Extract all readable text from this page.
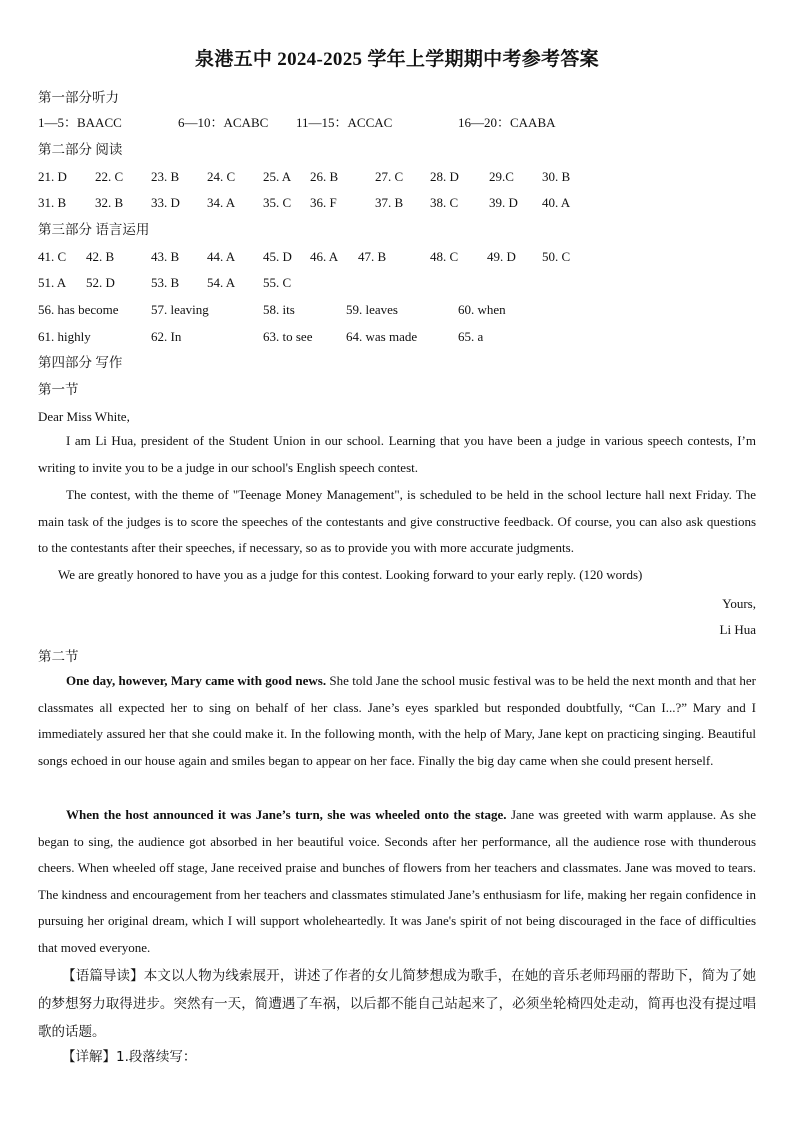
泉港五中 2024-2025 学年上学期期中考参考答案
第一部分听力
1—5：BAACC	6—10：ACABC 11—15：ACCAC	16—20：CAABA
第二部分 阅读
21. D 22. C 23. B 24. C 25. A 26. B	27. C 28. D 29.C 30. B
31. B 32. B 33. D 34. A 35. C 36. F	37. B 38. C 39. D 40. A
第三部分 语言运用
41. C 42. B	43. B 44. A 45. D 46. A 47. B	48. C 49. D 50. C
51. A 52. D	53. B 54. A 55. C
56. has become 57. leaving	58. its	59. leaves	60. when
61. highly	62. In	63. to see	64. was made	65. a
第四部分 写作
第一节
Dear Miss White,
I am Li Hua, president of the Student Union in our school. Learning that you have been a judge in various speech contests, I’m writing to invite you to be a judge in our school's English speech contest.
The contest, with the theme of "Teenage Money Management", is scheduled to be held in the school lecture hall next Friday. The main task of the judges is to score the speeches of the contestants and give constructive feedback. Of course, you can also ask questions to the contestants after their speeches, if necessary, so as to provide you with more accurate judgments.
We are greatly honored to have you as a judge for this contest. Looking forward to your early reply. (120 words)
Yours,
Li Hua
第二节
One day, however, Mary came with good news. She told Jane the school music festival was to be held the next month and that her classmates all expected her to sing on behalf of her class. Jane’s eyes sparkled but responded doubtfully, “Can I...?” Mary and I immediately assured her that she could make it. In the following month, with the help of Mary, Jane kept on practicing singing. Beautiful songs echoed in our house again and smiles began to appear on her face. Finally the big day came when she could present herself.
When the host announced it was Jane’s turn, she was wheeled onto the stage. Jane was greeted with warm applause. As she began to sing, the audience got absorbed in her beautiful voice. Seconds after her performance, all the audience rose with thunderous cheers. When wheeled off stage, Jane received praise and bunches of flowers from her teachers and classmates. Jane was moved to tears. The kindness and encouragement from her teachers and classmates stimulated Jane’s enthusiasm for life, making her regain confidence in pursuing her original dream, which I will support wholeheartedly. It was Jane's spirit of not being discouraged in the face of difficulties that moved everyone.
【语篇导读】本文以人物为线索展开，讲述了作者的女儿简梦想成为歌手，在她的音乐老师玛丽的帮助下，简为了她的梦想努力取得进步。突然有一天，简遭遇了车祸，以后都不能自己站起来了，必须坐轮椅四处走动，简再也没有提过唱歌的话题。
【详解】1.段落续写：
